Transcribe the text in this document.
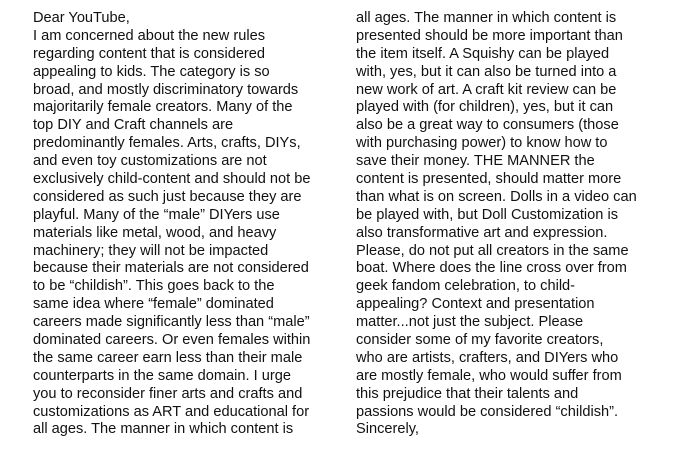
Dear YouTube,
I am concerned about the new rules
regarding content that is considered
appealing to kids. The category is so
broad, and mostly discriminatory towards
majoritarily female creators. Many of the
top DIY and Craft channels are
predominantly females. Arts, crafts, DIYs,
and even toy customizations are not
exclusively child-content and should not be
considered as such just because they are
playful. Many of the “male” DIYers use
materials like metal, wood, and heavy
machinery; they will not be impacted
because their materials are not considered
to be “childish”. This goes back to the
same idea where “female” dominated
careers made significantly less than “male”
dominated careers. Or even females within
the same career earn less than their male
counterparts in the same domain. I urge
you to reconsider finer arts and crafts and
customizations as ART and educational for
all ages. The manner in which content is
all ages. The manner in which content is
presented should be more important than
the item itself. A Squishy can be played
with, yes, but it can also be turned into a
new work of art. A craft kit review can be
played with (for children), yes, but it can
also be a great way to consumers (those
with purchasing power) to know how to
save their money. THE MANNER the
content is presented, should matter more
than what is on screen. Dolls in a video can
be played with, but Doll Customization is
also transformative art and expression.
Please, do not put all creators in the same
boat. Where does the line cross over from
geek fandom celebration, to child-
appealing? Context and presentation
matter...not just the subject. Please
consider some of my favorite creators,
who are artists, crafters, and DIYers who
are mostly female, who would suffer from
this prejudice that their talents and
passions would be considered “childish”.
Sincerely,
